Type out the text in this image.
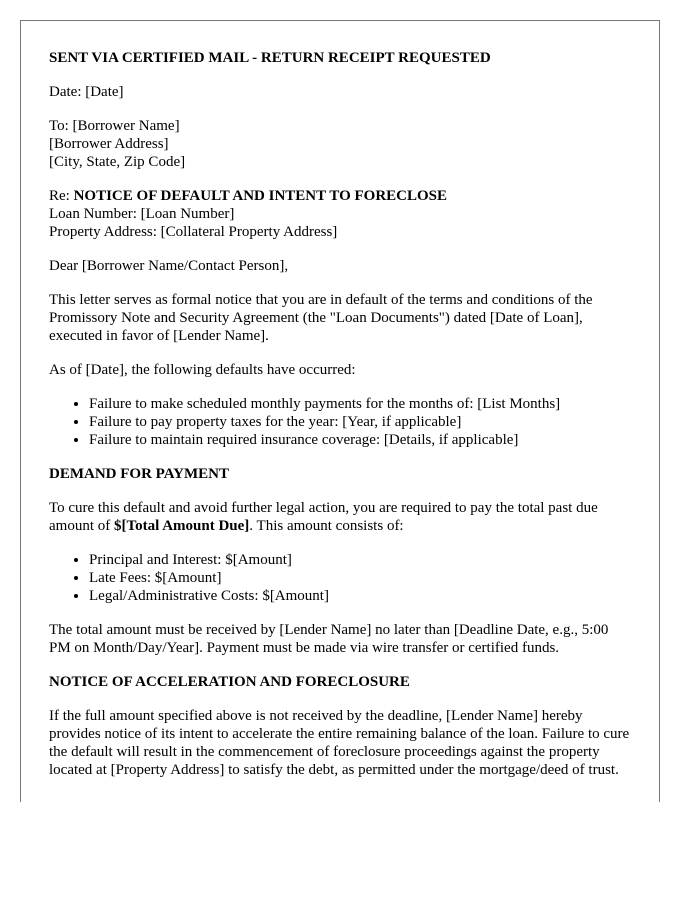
SENT VIA CERTIFIED MAIL - RETURN RECEIPT REQUESTED

Date: [Date]

To: [Borrower Name]
[Borrower Address]
[City, State, Zip Code]
Re: NOTICE OF DEFAULT AND INTENT TO FORECLOSE
Loan Number: [Loan Number]
Property Address: [Collateral Property Address]

Dear [Borrower Name/Contact Person],

This letter serves as formal notice that you are in default of the terms and conditions of the Promissory Note and Security Agreement (the "Loan Documents") dated [Date of Loan], executed in favor of [Lender Name].

As of [Date], the following defaults have occurred:

• Failure to make scheduled monthly payments for the months of: [List Months]
• Failure to pay property taxes for the year: [Year, if applicable]
• Failure to maintain required insurance coverage: [Details, if applicable]

DEMAND FOR PAYMENT

To cure this default and avoid further legal action, you are required to pay the total past due amount of $[Total Amount Due]. This amount consists of:

• Principal and Interest: $[Amount]
• Late Fees: $[Amount]
• Legal/Administrative Costs: $[Amount]

The total amount must be received by [Lender Name] no later than [Deadline Date, e.g., 5:00 PM on Month/Day/Year]. Payment must be made via wire transfer or certified funds.

NOTICE OF ACCELERATION AND FORECLOSURE

If the full amount specified above is not received by the deadline, [Lender Name] hereby provides notice of its intent to accelerate the entire remaining balance of the loan. Failure to cure the default will result in the commencement of foreclosure proceedings against the property located at [Property Address] to satisfy the debt, as permitted under the mortgage/deed of trust.
